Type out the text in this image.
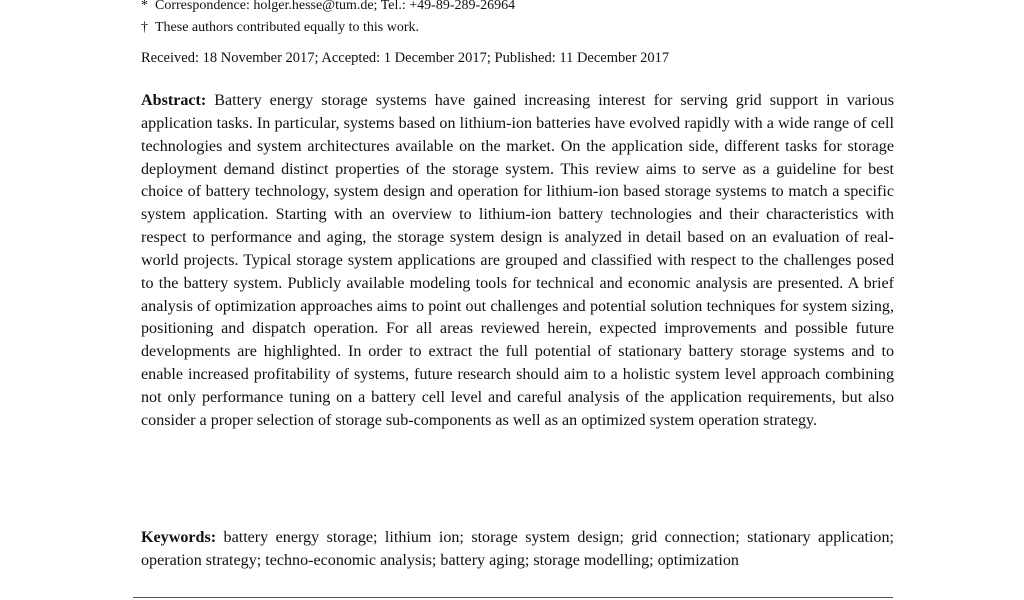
* Correspondence: holger.hesse@tum.de; Tel.: +49-89-289-26964
† These authors contributed equally to this work.
Received: 18 November 2017; Accepted: 1 December 2017; Published: 11 December 2017
Abstract: Battery energy storage systems have gained increasing interest for serving grid support in various application tasks. In particular, systems based on lithium-ion batteries have evolved rapidly with a wide range of cell technologies and system architectures available on the market. On the application side, different tasks for storage deployment demand distinct properties of the storage system. This review aims to serve as a guideline for best choice of battery technology, system design and operation for lithium-ion based storage systems to match a specific system application. Starting with an overview to lithium-ion battery technologies and their characteristics with respect to performance and aging, the storage system design is analyzed in detail based on an evaluation of real-world projects. Typical storage system applications are grouped and classified with respect to the challenges posed to the battery system. Publicly available modeling tools for technical and economic analysis are presented. A brief analysis of optimization approaches aims to point out challenges and potential solution techniques for system sizing, positioning and dispatch operation. For all areas reviewed herein, expected improvements and possible future developments are highlighted. In order to extract the full potential of stationary battery storage systems and to enable increased profitability of systems, future research should aim to a holistic system level approach combining not only performance tuning on a battery cell level and careful analysis of the application requirements, but also consider a proper selection of storage sub-components as well as an optimized system operation strategy.
Keywords: battery energy storage; lithium ion; storage system design; grid connection; stationary application; operation strategy; techno-economic analysis; battery aging; storage modelling; optimization
